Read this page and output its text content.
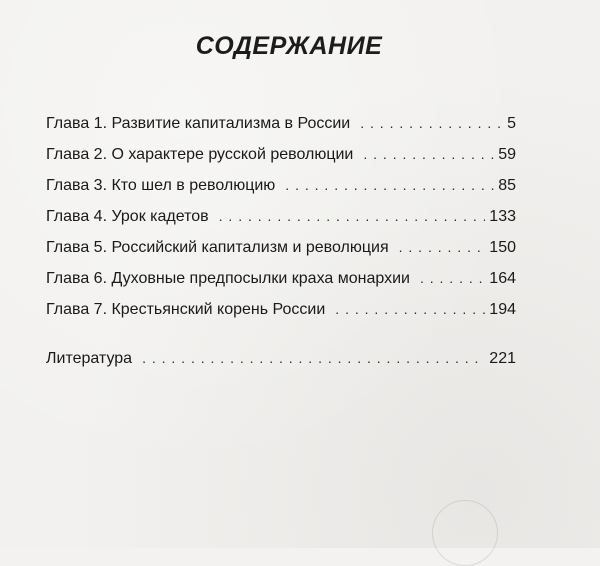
СОДЕРЖАНИЕ
Глава 1. Развитие капитализма в России . . .	5
Глава 2. О характере русской революции . . .	59
Глава 3. Кто шел в революцию . . .	85
Глава 4. Урок кадетов . . .	133
Глава 5. Российский капитализм и революция . . .	150
Глава 6. Духовные предпосылки краха монархии . . .	164
Глава 7. Крестьянский корень России . . .	194
Литература . . .	221
